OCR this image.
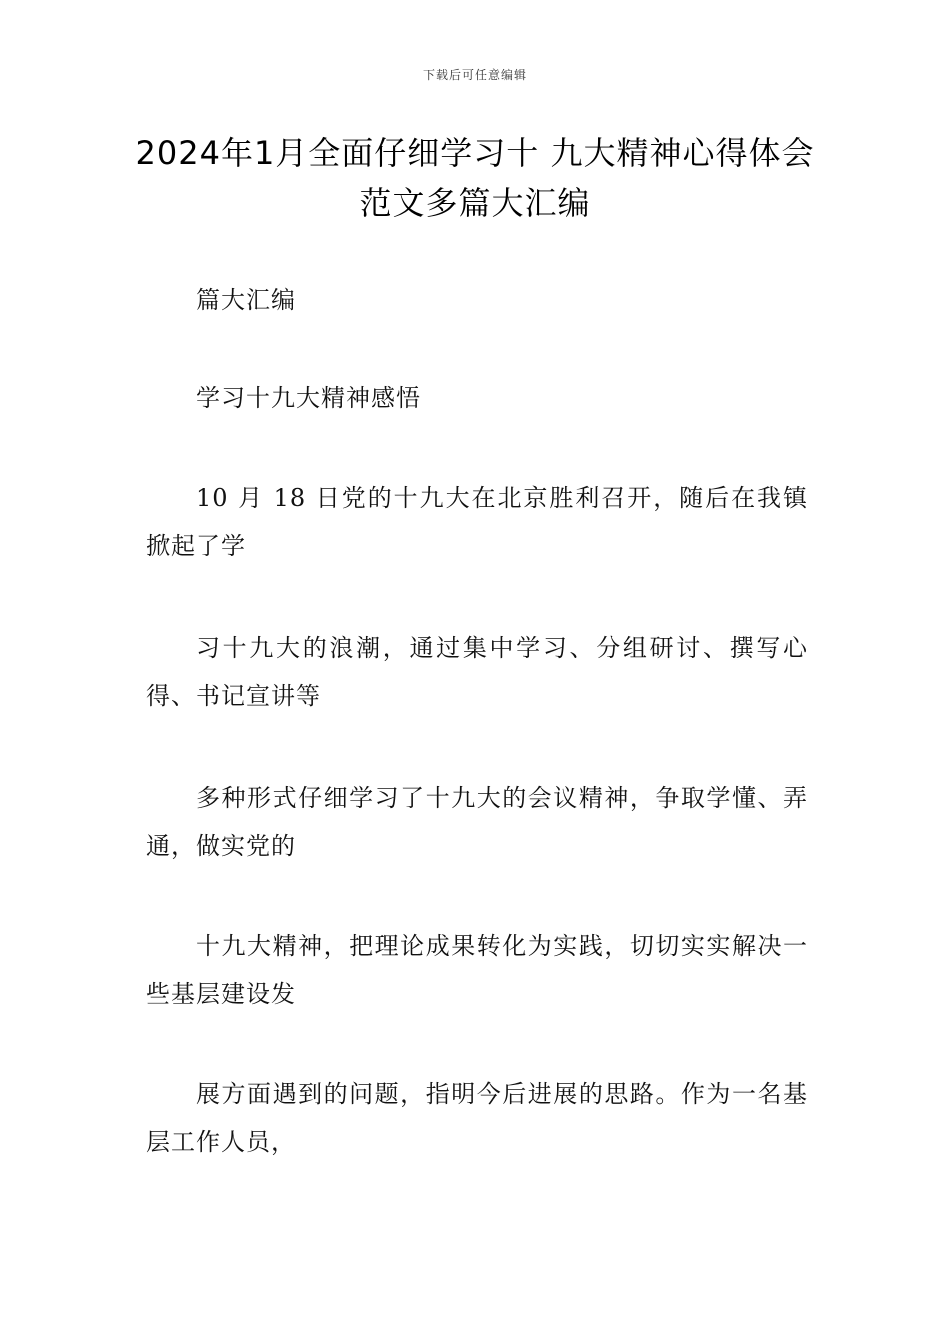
下载后可任意编辑
2024年1月全面仔细学习十 九大精神心得体会范文多篇大汇编

篇大汇编

学习十九大精神感悟

10 月 18 日党的十九大在北京胜利召开，随后在我镇掀起了学

习十九大的浪潮，通过集中学习、分组研讨、撰写心得、书记宣讲等

多种形式仔细学习了十九大的会议精神，争取学懂、弄通，做实党的

十九大精神，把理论成果转化为实践，切切实实解决一些基层建设发

展方面遇到的问题，指明今后进展的思路。作为一名基层工作人员，
